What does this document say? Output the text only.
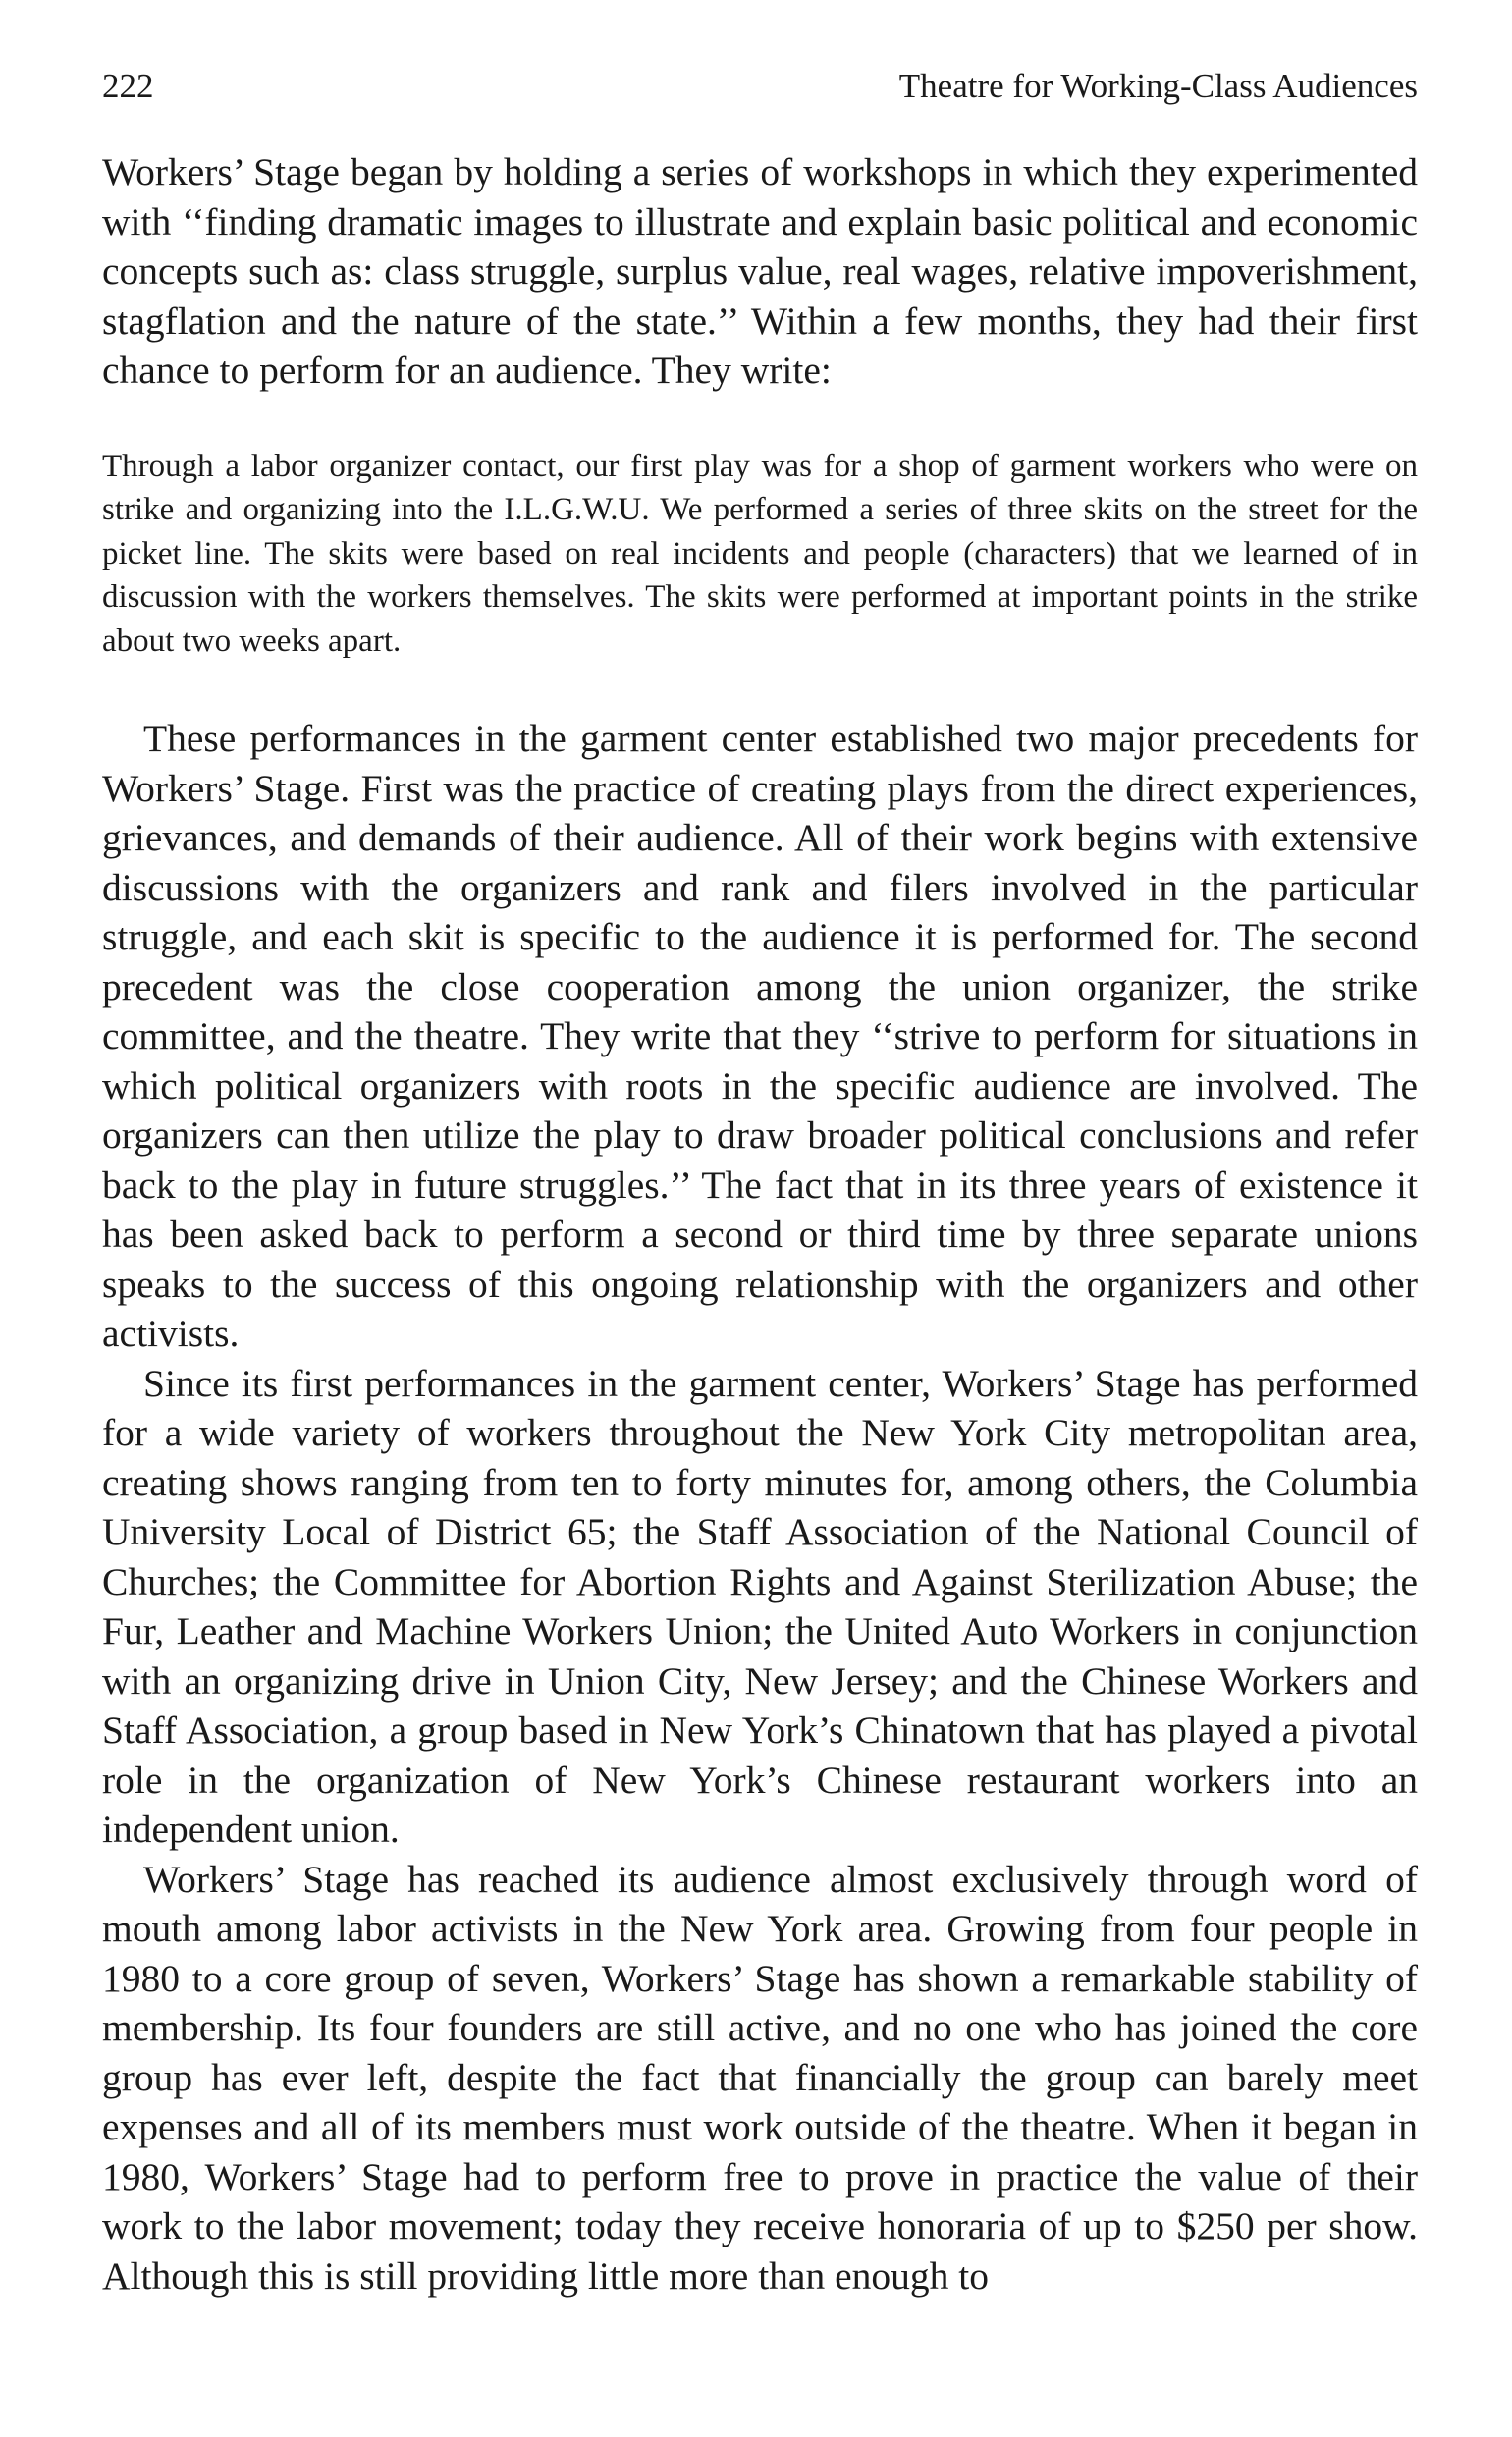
222	Theatre for Working-Class Audiences

Workers’ Stage began by holding a series of workshops in which they experimented with ‘‘finding dramatic images to illustrate and explain basic political and economic concepts such as: class struggle, surplus value, real wages, relative impoverishment, stagflation and the nature of the state.’’ Within a few months, they had their first chance to perform for an audience. They write:

Through a labor organizer contact, our first play was for a shop of garment workers who were on strike and organizing into the I.L.G.W.U. We performed a series of three skits on the street for the picket line. The skits were based on real incidents and people (characters) that we learned of in discussion with the workers themselves. The skits were performed at important points in the strike about two weeks apart.

These performances in the garment center established two major precedents for Workers’ Stage. First was the practice of creating plays from the direct experiences, grievances, and demands of their audience. All of their work begins with extensive discussions with the organizers and rank and filers involved in the particular struggle, and each skit is specific to the audience it is performed for. The second precedent was the close cooperation among the union organizer, the strike committee, and the theatre. They write that they ‘‘strive to perform for situations in which political organizers with roots in the specific audience are involved. The organizers can then utilize the play to draw broader political conclusions and refer back to the play in future struggles.’’ The fact that in its three years of existence it has been asked back to perform a second or third time by three separate unions speaks to the success of this ongoing relationship with the organizers and other activists.

Since its first performances in the garment center, Workers’ Stage has performed for a wide variety of workers throughout the New York City metropolitan area, creating shows ranging from ten to forty minutes for, among others, the Columbia University Local of District 65; the Staff Association of the National Council of Churches; the Committee for Abortion Rights and Against Sterilization Abuse; the Fur, Leather and Machine Workers Union; the United Auto Workers in conjunction with an organizing drive in Union City, New Jersey; and the Chinese Workers and Staff Association, a group based in New York’s Chinatown that has played a pivotal role in the organization of New York’s Chinese restaurant workers into an independent union.

Workers’ Stage has reached its audience almost exclusively through word of mouth among labor activists in the New York area. Growing from four people in 1980 to a core group of seven, Workers’ Stage has shown a remarkable stability of membership. Its four founders are still active, and no one who has joined the core group has ever left, despite the fact that financially the group can barely meet expenses and all of its members must work outside of the theatre. When it began in 1980, Workers’ Stage had to perform free to prove in practice the value of their work to the labor movement; today they receive honoraria of up to $250 per show. Although this is still providing little more than enough to
